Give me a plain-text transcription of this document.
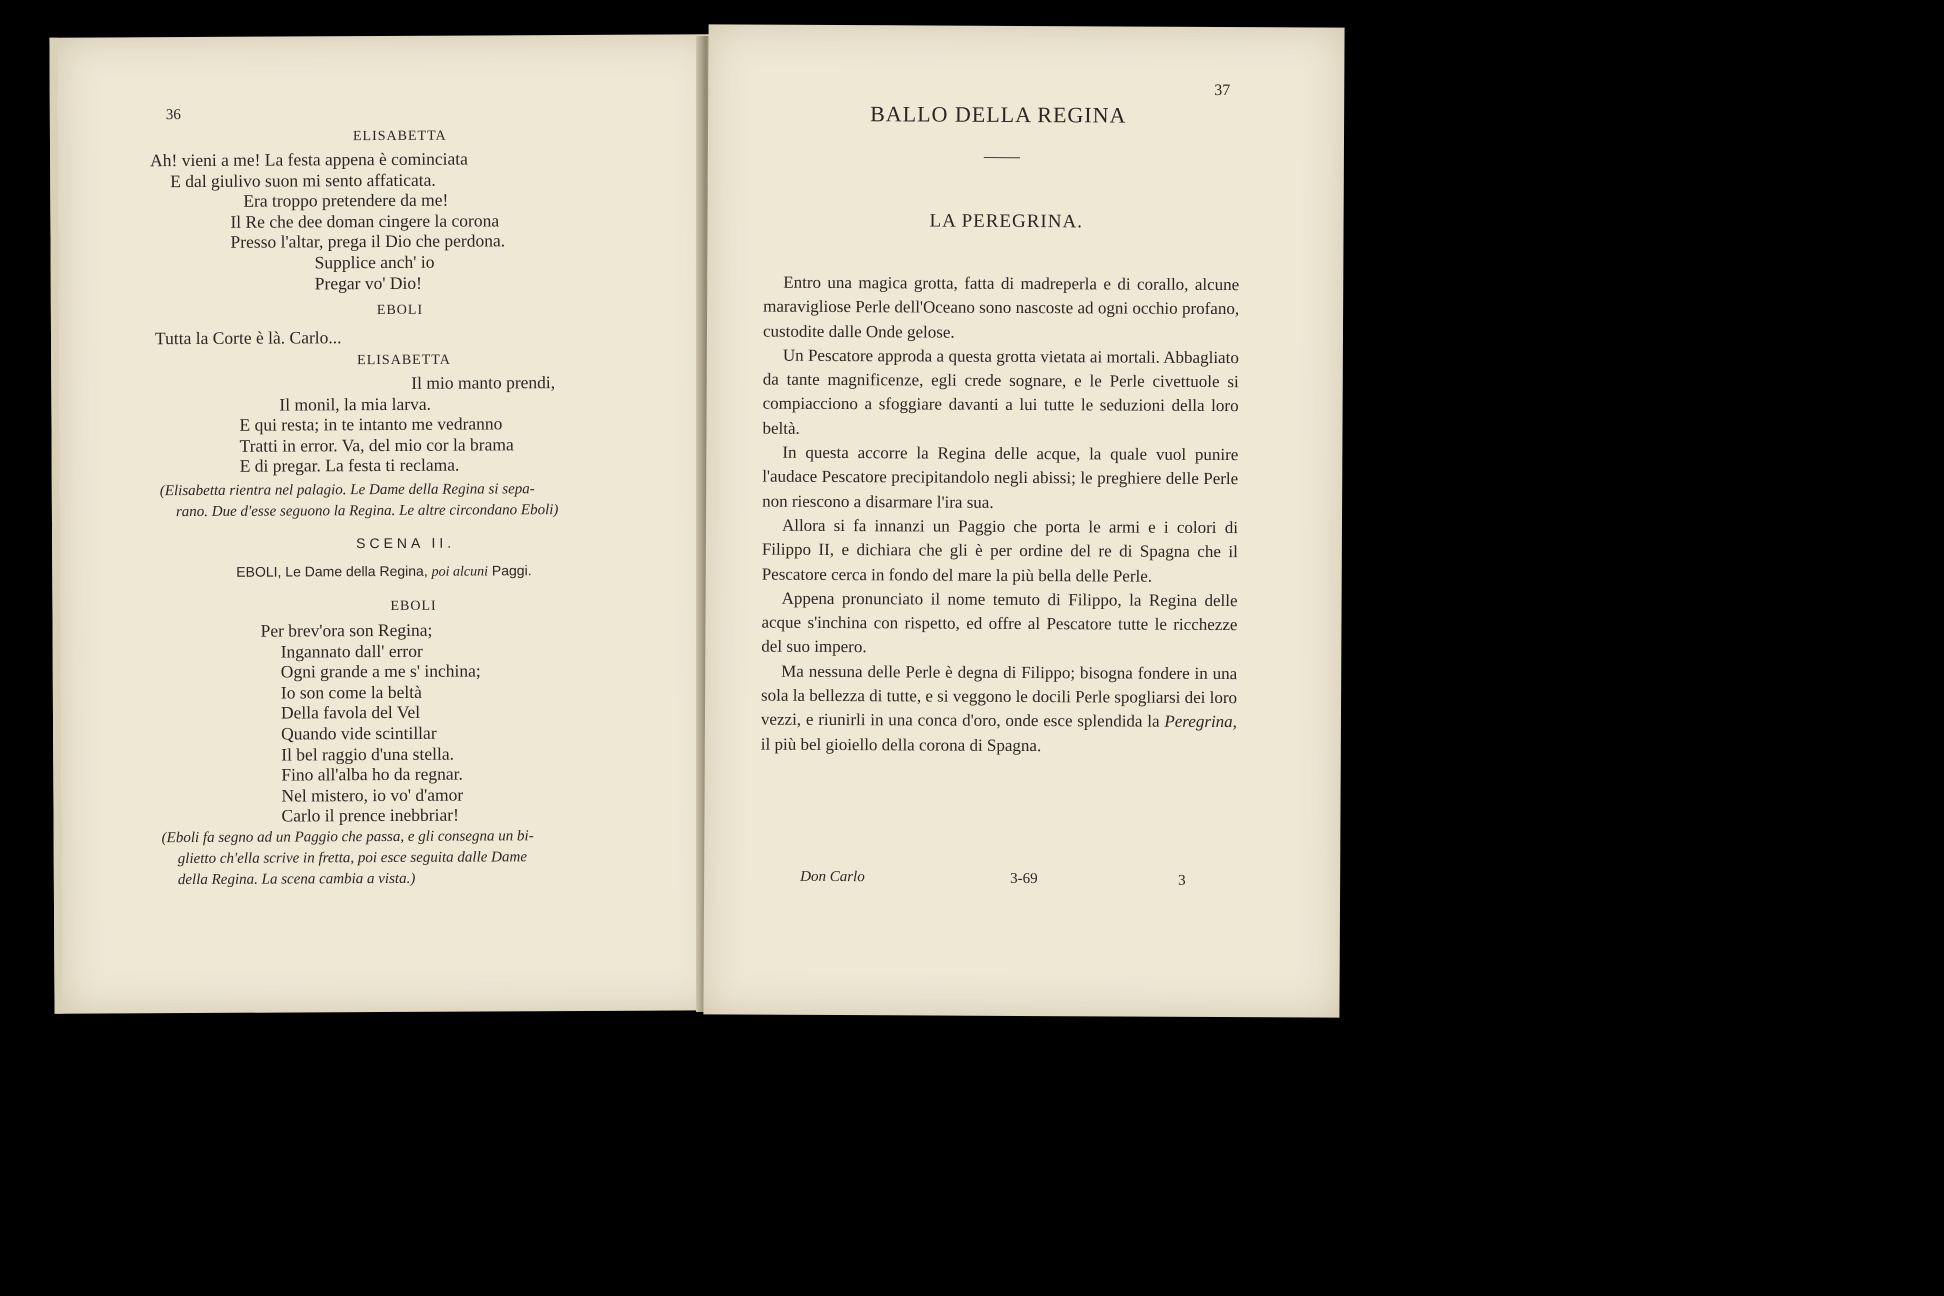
36
ELISABETTA
Ah! vieni a me! La festa appena è cominciata
E dal giulivo suon mi sento affaticata.
Era troppo pretendere da me!
Il Re che dee doman cingere la corona
Presso l'altar, prega il Dio che perdona.
Supplice anch' io
Pregar vo' Dio!
EBOLI
Tutta la Corte è là. Carlo...
ELISABETTA
Il mio manto prendi,
Il monil, la mia larva.
E qui resta; in te intanto me vedranno
Tratti in error. Va, del mio cor la brama
E di pregar. La festa ti reclama.
(Elisabetta rientra nel palagio. Le Dame della Regina si sepa-
rano. Due d'esse seguono la Regina. Le altre circondano Eboli)
SCENA II.
EBOLI, Le Dame della Regina, poi alcuni Paggi.
EBOLI
Per brev'ora son Regina;
Ingannato dall' error
Ogni grande a me s' inchina;
Io son come la beltà
Della favola del Vel
Quando vide scintillar
Il bel raggio d'una stella.
Fino all'alba ho da regnar.
Nel mistero, io vo' d'amor
Carlo il prence inebbriar!
(Eboli fa segno ad un Paggio che passa, e gli consegna un bi-
glietto ch'ella scrive in fretta, poi esce seguita dalle Dame
della Regina. La scena cambia a vista.)
37
BALLO DELLA REGINA
——
LA PEREGRINA.

Entro una magica grotta, fatta di madreperla e di corallo, alcune maravigliose Perle dell'Oceano sono nascoste ad ogni occhio profano, custodite dalle Onde gelose.

Un Pescatore approda a questa grotta vietata ai mortali. Abbagliato da tante magnificenze, egli crede sognare, e le Perle civettuole si compiacciono a sfoggiare davanti a lui tutte le seduzioni della loro beltà.

In questa accorre la Regina delle acque, la quale vuol punire l'audace Pescatore precipitandolo negli abissi; le preghiere delle Perle non riescono a disarmare l'ira sua.

Allora si fa innanzi un Paggio che porta le armi e i colori di Filippo II, e dichiara che gli è per ordine del re di Spagna che il Pescatore cerca in fondo del mare la più bella delle Perle.

Appena pronunciato il nome temuto di Filippo, la Regina delle acque s'inchina con rispetto, ed offre al Pescatore tutte le ricchezze del suo impero.

Ma nessuna delle Perle è degna di Filippo; bisogna fondere in una sola la bellezza di tutte, e si veggono le docili Perle spogliarsi dei loro vezzi, e riunirli in una conca d'oro, onde esce splendida la Peregrina, il più bel gioiello della corona di Spagna.

Don Carlo	3-69	3
